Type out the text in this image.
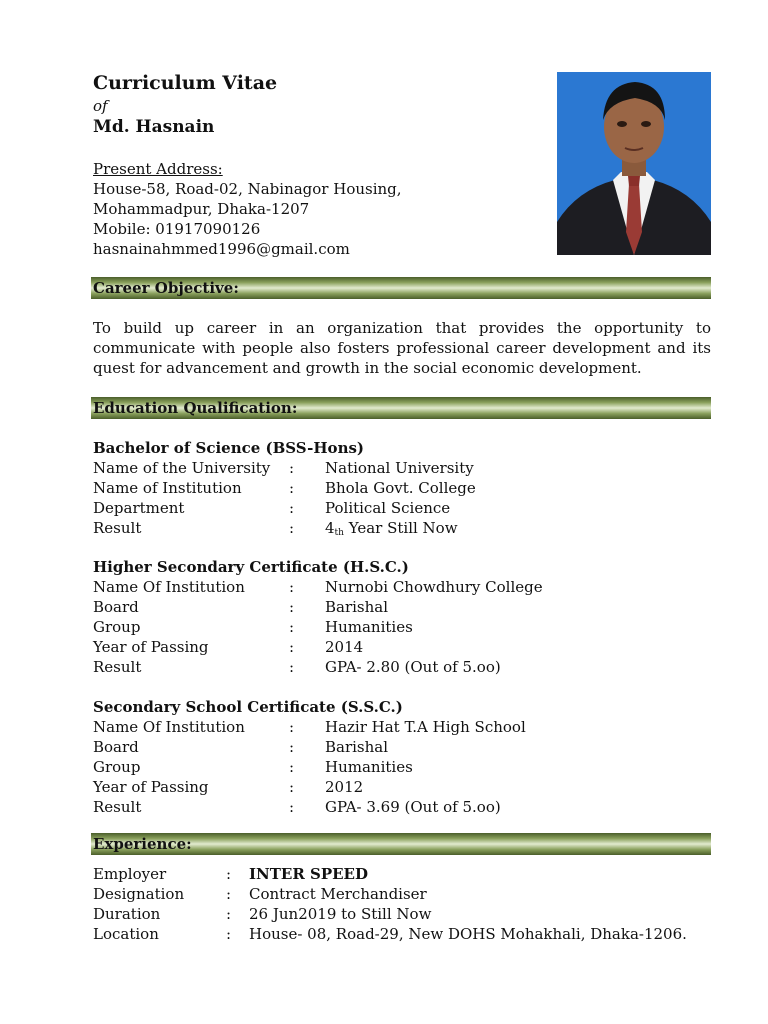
Curriculum Vitae
of
Md. Hasnain
Present Address:
House-58, Road-02, Nabinagor Housing,
Mohammadpur, Dhaka-1207
Mobile: 01917090126
hasnainahmmed1996@gmail.com
Career Objective:
To build up career in an organization that provides the opportunity to communicate with people also fosters professional career development and its quest for advancement and growth in the social economic development.
Education Qualification:
Bachelor of Science (BSS-Hons)
Name of the University : National University
Name of Institution	: Bhola Govt. College
Department	: Political Science
Result	: $4_{th}$ Year Still Now
Higher Secondary Certificate (H.S.C.)
Name Of Institution	: Nurnobi Chowdhury College
Board	: Barishal
Group	: Humanities
Year of Passing	: 2014
Result	: GPA- 2.80 (Out of 5.oo)
Secondary School Certificate (S.S.C.)
Name Of Institution	: Hazir Hat T.A High School
Board	: Barishal
Group	: Humanities
Year of Passing	: 2012
Result	: GPA- 3.69 (Out of 5.oo)
Experience:
Employer	: INTER SPEED
Designation	: Contract Merchandiser
Duration	: 26 Jun2019 to Still Now
Location	: House- 08, Road-29, New DOHS Mohakhali, Dhaka-1206.
